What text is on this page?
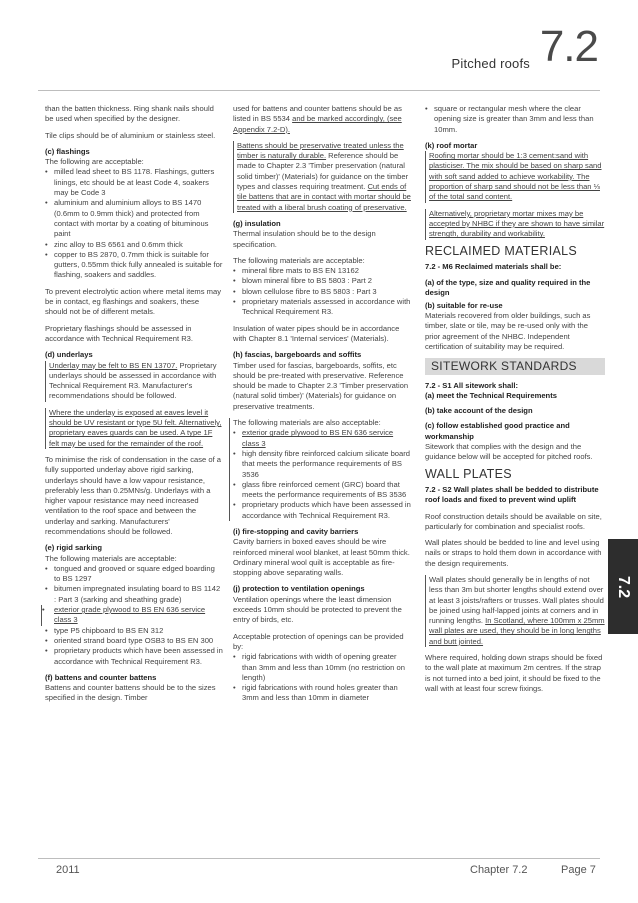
Pitched roofs 7.2

than the batten thickness. Ring shank nails should be used when specified by the designer.

Tile clips should be of aluminium or stainless steel.

(c) flashings

The following are acceptable:

• milled lead sheet to BS 1178. Flashings, gutters linings, etc should be at least Code 4, soakers may be Code 3
• aluminium and aluminium alloys to BS 1470 (0.6mm to 0.9mm thick) and protected from contact with mortar by a coating of bituminous paint
• zinc alloy to BS 6561 and 0.6mm thick
• copper to BS 2870, 0.7mm thick is suitable for gutters, 0.55mm thick fully annealed is suitable for flashing, soakers and saddles.

To prevent electrolytic action where metal items may be in contact, eg flashings and soakers, these should not be of different metals.

Proprietary flashings should be assessed in accordance with Technical Requirement R3.

(d) underlays

Underlay may be felt to BS EN 13707. Proprietary underlays should be assessed in accordance with Technical Requirement R3. Manufacturer's recommendations should be followed.

Where the underlay is exposed at eaves level it should be UV resistant or type 5U felt. Alternatively, proprietary eaves guards can be used. A type 1F felt may be used for the remainder of the roof.

To minimise the risk of condensation in the case of a fully supported underlay above rigid sarking, underlays should have a low vapour resistance, preferably less than 0.25MNs/g. Underlays with a higher vapour resistance may need increased ventilation to the roof space and between the underlay and sarking. Manufacturers' recommendations should be followed.

(e) rigid sarking

The following materials are acceptable:

• tongued and grooved or square edged boarding to BS 1297
• bitumen impregnated insulating board to BS 1142 : Part 3 (sarking and sheathing grade)
• exterior grade plywood to BS EN 636 service class 3
• type P5 chipboard to BS EN 312
• oriented strand board type OSB3 to BS EN 300
• proprietary products which have been assessed in accordance with Technical Requirement R3.

(f) battens and counter battens

Battens and counter battens should be to the sizes specified in the design. Timber

used for battens and counter battens should be as listed in BS 5534 and be marked accordingly, (see Appendix 7.2-D).

Battens should be preservative treated unless the timber is naturally durable. Reference should be made to Chapter 2.3 'Timber preservation (natural solid timber)' (Materials) for guidance on the timber types and classes requiring treatment. Cut ends of tile battens that are in contact with mortar should be treated with a liberal brush coating of preservative.

(g) insulation

Thermal insulation should be to the design specification.

The following materials are acceptable:

• mineral fibre mats to BS EN 13162
• blown mineral fibre to BS 5803 : Part 2
• blown cellulose fibre to BS 5803 : Part 3
• proprietary materials assessed in accordance with Technical Requirement R3.

Insulation of water pipes should be in accordance with Chapter 8.1 'Internal services' (Materials).

(h) fascias, bargeboards and soffits

Timber used for fascias, bargeboards, soffits, etc should be pre-treated with preservative. Reference should be made to Chapter 2.3 'Timber preservation (natural solid timber)' (Materials) for guidance on preservative treatments.

The following materials are also acceptable:

• exterior grade plywood to BS EN 636 service class 3
• high density fibre reinforced calcium silicate board that meets the performance requirements of BS 3536
• glass fibre reinforced cement (GRC) board that meets the performance requirements of BS 3536
• proprietary products which have been assessed in accordance with Technical Requirement R3.

(i) fire-stopping and cavity barriers

Cavity barriers in boxed eaves should be wire reinforced mineral wool blanket, at least 50mm thick. Ordinary mineral wool quilt is acceptable as fire-stopping above separating walls.

(j) protection to ventilation openings

Ventilation openings where the least dimension exceeds 10mm should be protected to prevent the entry of birds, etc.

Acceptable protection of openings can be provided by:

• rigid fabrications with width of opening greater than 3mm and less than 10mm (no restriction on length)
• rigid fabrications with round holes greater than 3mm and less than 10mm in diameter
• square or rectangular mesh where the clear opening size is greater than 3mm and less than 10mm.

(k) roof mortar

Roofing mortar should be 1:3 cement:sand with plasticiser. The mix should be based on sharp sand with soft sand added to achieve workability. The proportion of sharp sand should not be less than ⅓ of the total sand content.

Alternatively, proprietary mortar mixes may be accepted by NHBC if they are shown to have similar strength, durability and workability.

RECLAIMED MATERIALS

7.2 - M6 Reclaimed materials shall be:

(a) of the type, size and quality required in the design

(b) suitable for re-use

Materials recovered from older buildings, such as timber, slate or tile, may be re-used only with the prior agreement of the NHBC. Independent certification of suitability may be required.

SITEWORK STANDARDS

7.2 - S1 All sitework shall:

(a) meet the Technical Requirements

(b) take account of the design

(c) follow established good practice and workmanship

Sitework that complies with the design and the guidance below will be accepted for pitched roofs.

WALL PLATES

7.2 - S2 Wall plates shall be bedded to distribute roof loads and fixed to prevent wind uplift

Roof construction details should be available on site, particularly for combination and specialist roofs.

Wall plates should be bedded to line and level using nails or straps to hold them down in accordance with the design requirements.

Wall plates should generally be in lengths of not less than 3m but shorter lengths should extend over at least 3 joists/rafters or trusses. Wall plates should be joined using half-lapped joints at corners and in running lengths. In Scotland, where 100mm x 25mm wall plates are used, they should be in long lengths and butt jointed.

Where required, holding down straps should be fixed to the wall plate at maximum 2m centres. If the strap is not turned into a bed joint, it should be fixed to the wall with at least four screw fixings.

7.2
2011	Chapter 7.2	Page 7
